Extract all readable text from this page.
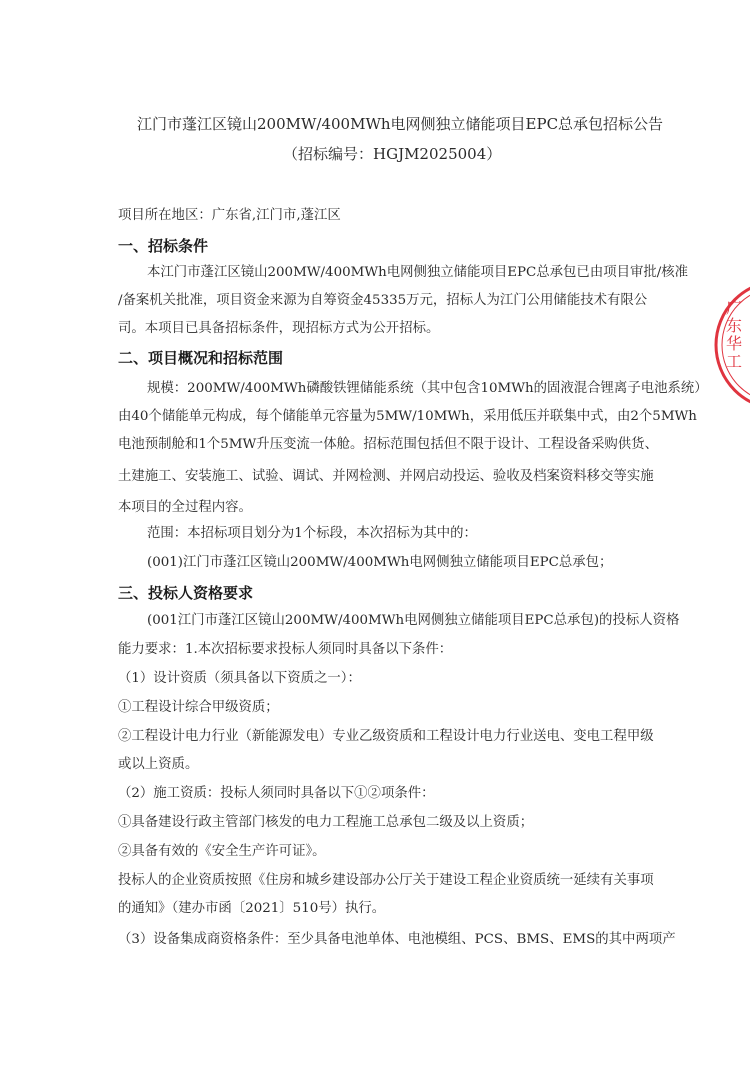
江门市蓬江区镜山200MW/400MWh电网侧独立储能项目EPC总承包招标公告
（招标编号：HGJM2025004）
项目所在地区：广东省,江门市,蓬江区
一、招标条件
本江门市蓬江区镜山200MW/400MWh电网侧独立储能项目EPC总承包已由项目审批/核准
/备案机关批准，项目资金来源为自筹资金45335万元，招标人为江门公用储能技术有限公
司。本项目已具备招标条件，现招标方式为公开招标。
二、项目概况和招标范围
规模：200MW/400MWh磷酸铁锂储能系统（其中包含10MWh的固液混合锂离子电池系统）
由40个储能单元构成，每个储能单元容量为5MW/10MWh，采用低压并联集中式，由2个5MWh
电池预制舱和1个5MW升压变流一体舱。招标范围包括但不限于设计、工程设备采购供货、
土建施工、安装施工、试验、调试、并网检测、并网启动投运、验收及档案资料移交等实施
本项目的全过程内容。
范围：本招标项目划分为1个标段，本次招标为其中的：
(001)江门市蓬江区镜山200MW/400MWh电网侧独立储能项目EPC总承包；
三、投标人资格要求
(001江门市蓬江区镜山200MW/400MWh电网侧独立储能项目EPC总承包)的投标人资格
能力要求：1.本次招标要求投标人须同时具备以下条件：
（1）设计资质（须具备以下资质之一）：
①工程设计综合甲级资质；
②工程设计电力行业（新能源发电）专业乙级资质和工程设计电力行业送电、变电工程甲级
或以上资质。
（2）施工资质：投标人须同时具备以下①②项条件：
①具备建设行政主管部门核发的电力工程施工总承包二级及以上资质；
②具备有效的《安全生产许可证》。
投标人的企业资质按照《住房和城乡建设部办公厅关于建设工程企业资质统一延续有关事项
的通知》（建办市函〔2021〕510号）执行。
（3）设备集成商资格条件：至少具备电池单体、电池模组、PCS、BMS、EMS的其中两项产
广东华工
